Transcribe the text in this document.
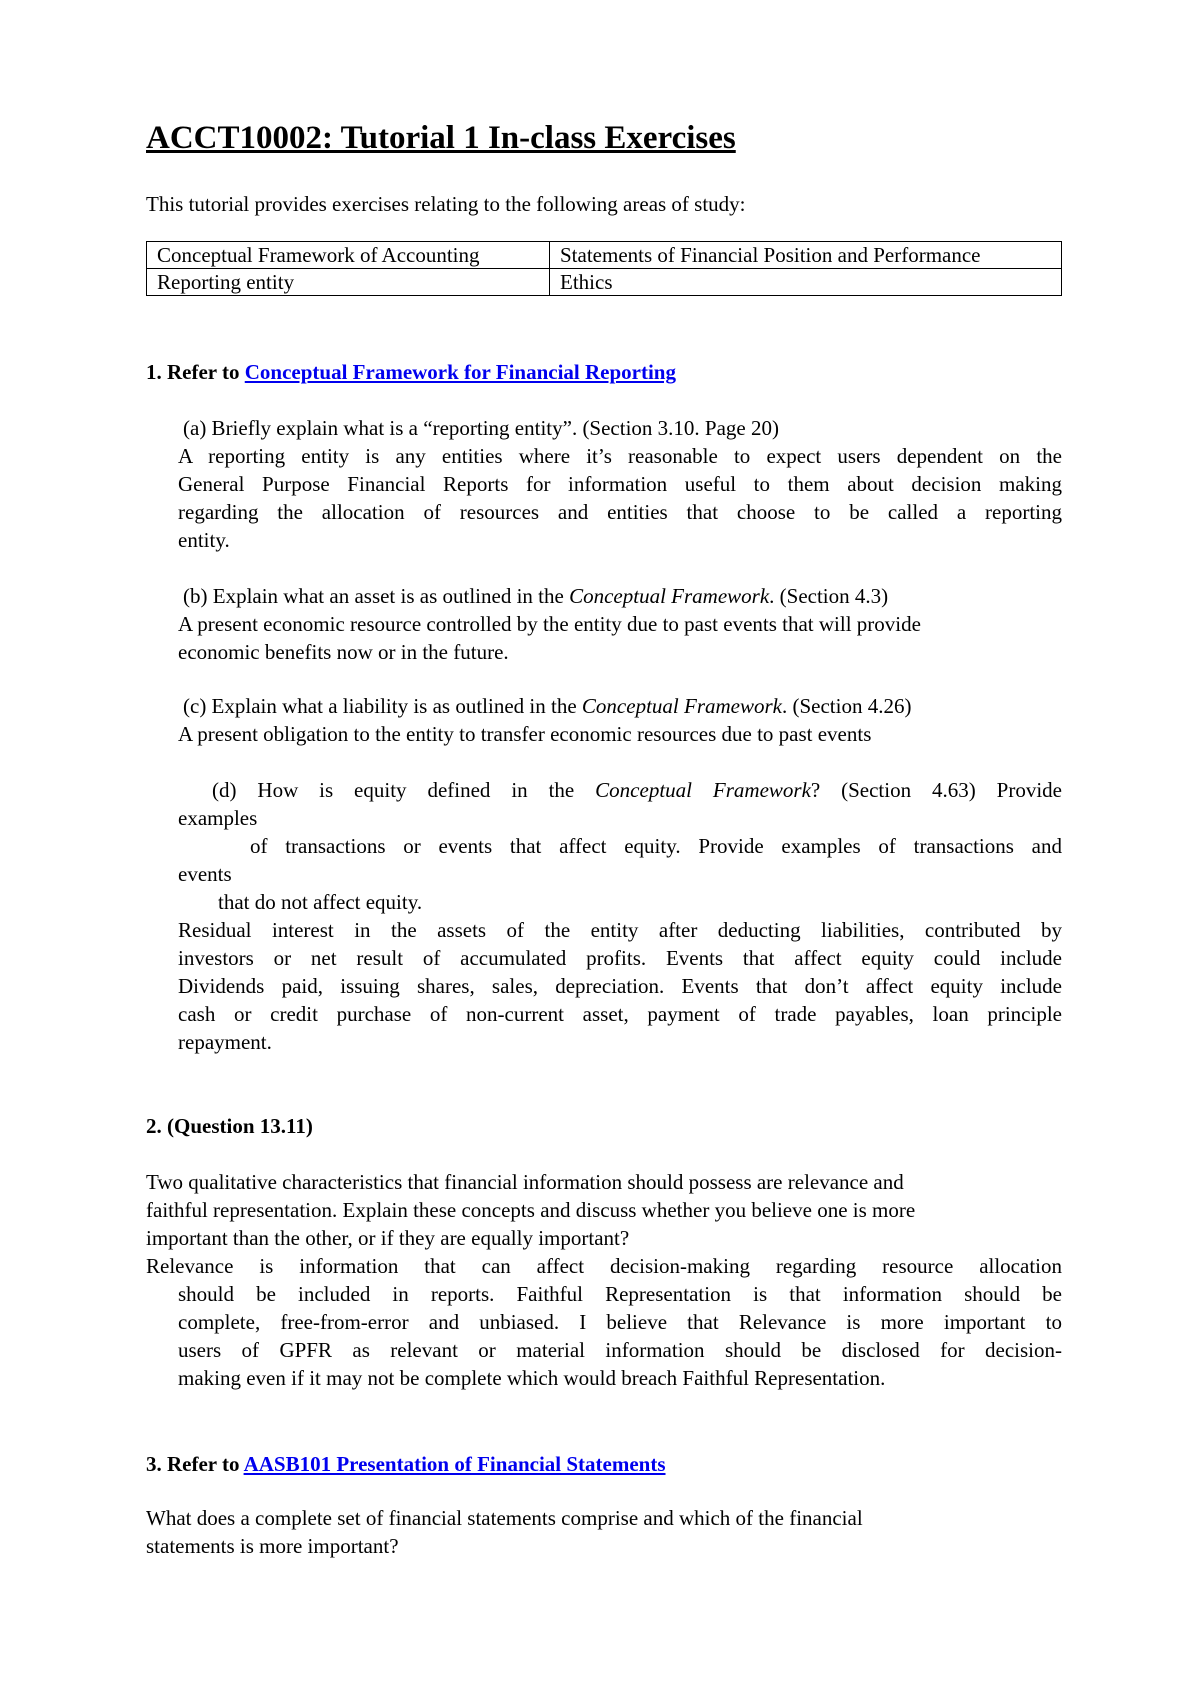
ACCT10002: Tutorial 1 In-class Exercises
This tutorial provides exercises relating to the following areas of study:
Conceptual Framework of Accounting	Statements of Financial Position and Performance
Reporting entity	Ethics
1. Refer to Conceptual Framework for Financial Reporting
(a) Briefly explain what is a “reporting entity”. (Section 3.10. Page 20)
A reporting entity is any entities where it’s reasonable to expect users dependent on the
General Purpose Financial Reports for information useful to them about decision making
regarding the allocation of resources and entities that choose to be called a reporting
entity.
(b) Explain what an asset is as outlined in the Conceptual Framework. (Section 4.3)
A present economic resource controlled by the entity due to past events that will provide
economic benefits now or in the future.
(c) Explain what a liability is as outlined in the Conceptual Framework. (Section 4.26)
A present obligation to the entity to transfer economic resources due to past events
(d) How is equity defined in the Conceptual Framework? (Section 4.63) Provide
examples
of transactions or events that affect equity. Provide examples of transactions and
events
that do not affect equity.
Residual interest in the assets of the entity after deducting liabilities, contributed by
investors or net result of accumulated profits. Events that affect equity could include
Dividends paid, issuing shares, sales, depreciation. Events that don’t affect equity include
cash or credit purchase of non-current asset, payment of trade payables, loan principle
repayment.
2. (Question 13.11)
Two qualitative characteristics that financial information should possess are relevance and
faithful representation. Explain these concepts and discuss whether you believe one is more
important than the other, or if they are equally important?
Relevance is information that can affect decision-making regarding resource allocation
should be included in reports. Faithful Representation is that information should be
complete, free-from-error and unbiased. I believe that Relevance is more important to
users of GPFR as relevant or material information should be disclosed for decision-
making even if it may not be complete which would breach Faithful Representation.
3. Refer to AASB101 Presentation of Financial Statements
What does a complete set of financial statements comprise and which of the financial
statements is more important?
